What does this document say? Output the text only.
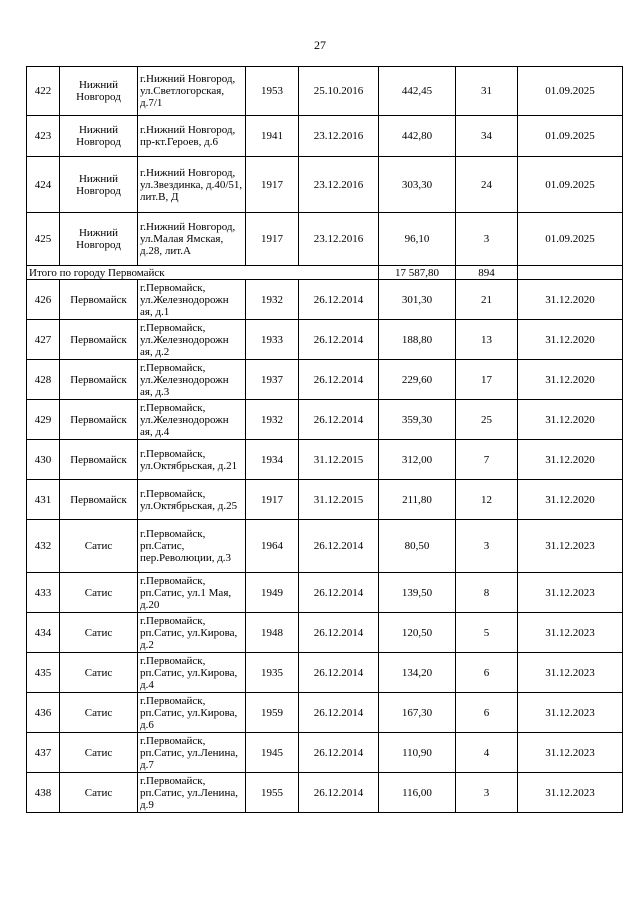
27
422	Нижний Новгород	г.Нижний Новгород, ул.Светлогорская, д.7/1	1953	25.10.2016	442,45	31	01.09.2025
423	Нижний Новгород	г.Нижний Новгород, пр-кт.Героев, д.6	1941	23.12.2016	442,80	34	01.09.2025
424	Нижний Новгород	г.Нижний Новгород, ул.Звездинка, д.40/51, лит.В, Д	1917	23.12.2016	303,30	24	01.09.2025
425	Нижний Новгород	г.Нижний Новгород, ул.Малая Ямская, д.28, лит.А	1917	23.12.2016	96,10	3	01.09.2025
Итого по городу Первомайск					17 587,80	894	
426	Первомайск	г.Первомайск, ул.Железнодорожн ая, д.1	1932	26.12.2014	301,30	21	31.12.2020
427	Первомайск	г.Первомайск, ул.Железнодорожн ая, д.2	1933	26.12.2014	188,80	13	31.12.2020
428	Первомайск	г.Первомайск, ул.Железнодорожн ая, д.3	1937	26.12.2014	229,60	17	31.12.2020
429	Первомайск	г.Первомайск, ул.Железнодорожн ая, д.4	1932	26.12.2014	359,30	25	31.12.2020
430	Первомайск	г.Первомайск, ул.Октябрьская, д.21	1934	31.12.2015	312,00	7	31.12.2020
431	Первомайск	г.Первомайск, ул.Октябрьская, д.25	1917	31.12.2015	211,80	12	31.12.2020
432	Сатис	г.Первомайск, рп.Сатис, пер.Революции, д.3	1964	26.12.2014	80,50	3	31.12.2023
433	Сатис	г.Первомайск, рп.Сатис, ул.1 Мая, д.20	1949	26.12.2014	139,50	8	31.12.2023
434	Сатис	г.Первомайск, рп.Сатис, ул.Кирова, д.2	1948	26.12.2014	120,50	5	31.12.2023
435	Сатис	г.Первомайск, рп.Сатис, ул.Кирова, д.4	1935	26.12.2014	134,20	6	31.12.2023
436	Сатис	г.Первомайск, рп.Сатис, ул.Кирова, д.6	1959	26.12.2014	167,30	6	31.12.2023
437	Сатис	г.Первомайск, рп.Сатис, ул.Ленина, д.7	1945	26.12.2014	110,90	4	31.12.2023
438	Сатис	г.Первомайск, рп.Сатис, ул.Ленина, д.9	1955	26.12.2014	116,00	3	31.12.2023
